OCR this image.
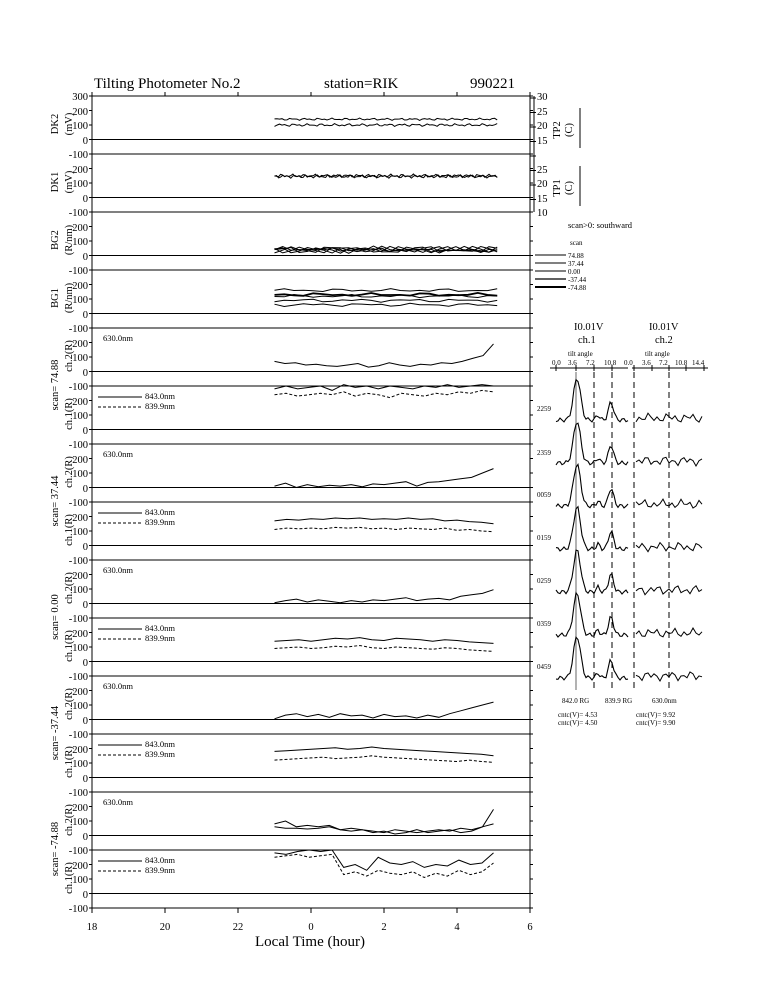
Tilting Photometer No.2	station=RIK	990221
18	20	22	0	2	4	6
Local Time (hour)
DK2 (mV)
300
200
100
0
-100
30
25
20
15
TP2 (C)
DK1 (mV)
200
100
0
-100
25
20
15
10
TP1 (C)
BG2 (R/nm)
200
100
0
-100
BG1 (R/nm)
200
100
0
-100
scan= 74.88
ch.2(R)
ch.1(R)
630.0nm
843.0nm
839.9nm
200
100
0
-100
200
100
0
-100
scan= 37.44
ch.2(R)
ch.1(R)
630.0nm
843.0nm
839.9nm
200
100
0
-100
200
100
0
-100
scan= 0.00
ch.2(R)
ch.1(R)
630.0nm
843.0nm
839.9nm
200
100
0
-100
200
100
0
-100
scan= -37.44
ch.2(R)
ch.1(R)
630.0nm
843.0nm
839.9nm
200
100
0
-100
200
100
0
-100
scan= -74.88
ch.2(R)
ch.1(R)
630.0nm
843.0nm
839.9nm
200
100
0
-100
200
100
0
-100
scan>0: southward
scan
74.88
37.44
0.00
-37.44
-74.88
I0.01V
ch.1
I0.01V
ch.2
tilt angle	tilt angle
0.0 3.6 7.2 10.8 0.0 3.6 7.2 10.8 14.4
2259
2359
0059
0159
0259
0359
0459
842.0 RG 839.9 RG	630.0nm
cntc(V)= 4.53
cntc(V)= 4.50
cntc(V)= 9.92
cntc(V)= 9.90
